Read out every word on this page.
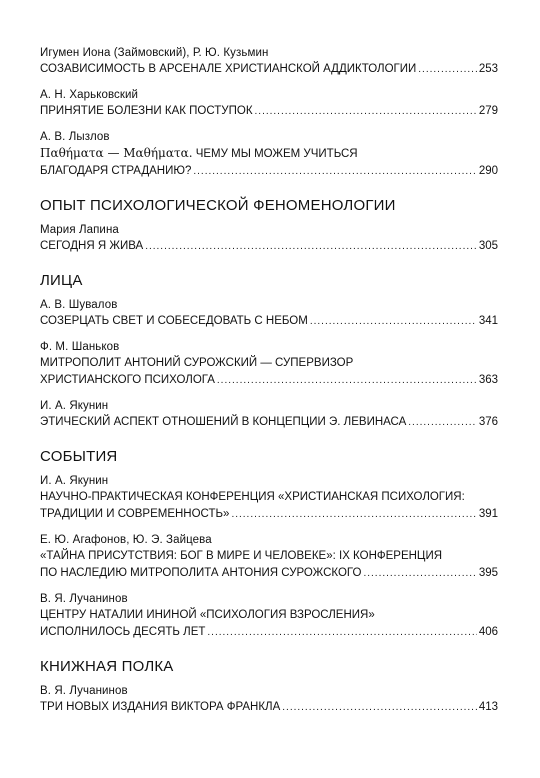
Игумен Иона (Займовский), Р. Ю. Кузьмин
СОЗАВИСИМОСТЬ В АРСЕНАЛЕ ХРИСТИАНСКОЙ АДДИКТОЛОГИИ .....	253
А. Н. Харьковский
ПРИНЯТИЕ БОЛЕЗНИ КАК ПОСТУПОК .....	279
А. В. Лызлов
Παθήματα — Μαθήματα. ЧЕМУ МЫ МОЖЕМ УЧИТЬСЯ
БЛАГОДАРЯ СТРАДАНИЮ? .....	290
ОПЫТ ПСИХОЛОГИЧЕСКОЙ ФЕНОМЕНОЛОГИИ
Мария Лапина
СЕГОДНЯ Я ЖИВА .....	305
ЛИЦА
А. В. Шувалов
СОЗЕРЦАТЬ СВЕТ И СОБЕСЕДОВАТЬ С НЕБОМ .....	341
Ф. М. Шаньков
МИТРОПОЛИТ АНТОНИЙ СУРОЖСКИЙ — СУПЕРВИЗОР
ХРИСТИАНСКОГО ПСИХОЛОГА .....	363
И. А. Якунин
ЭТИЧЕСКИЙ АСПЕКТ ОТНОШЕНИЙ В КОНЦЕПЦИИ Э. ЛЕВИНАСА .....	376
СОБЫТИЯ
И. А. Якунин
НАУЧНО-ПРАКТИЧЕСКАЯ КОНФЕРЕНЦИЯ «ХРИСТИАНСКАЯ ПСИХОЛОГИЯ:
ТРАДИЦИИ И СОВРЕМЕННОСТЬ» .....	391
Е. Ю. Агафонов, Ю. Э. Зайцева
«ТАЙНА ПРИСУТСТВИЯ: БОГ В МИРЕ И ЧЕЛОВЕКЕ»: IX КОНФЕРЕНЦИЯ
ПО НАСЛЕДИЮ МИТРОПОЛИТА АНТОНИЯ СУРОЖСКОГО .....	395
В. Я. Лучанинов
ЦЕНТРУ НАТАЛИИ ИНИНОЙ «ПСИХОЛОГИЯ ВЗРОСЛЕНИЯ»
ИСПОЛНИЛОСЬ ДЕСЯТЬ ЛЕТ .....	406
КНИЖНАЯ ПОЛКА
В. Я. Лучанинов
ТРИ НОВЫХ ИЗДАНИЯ ВИКТОРА ФРАНКЛА .....	413
